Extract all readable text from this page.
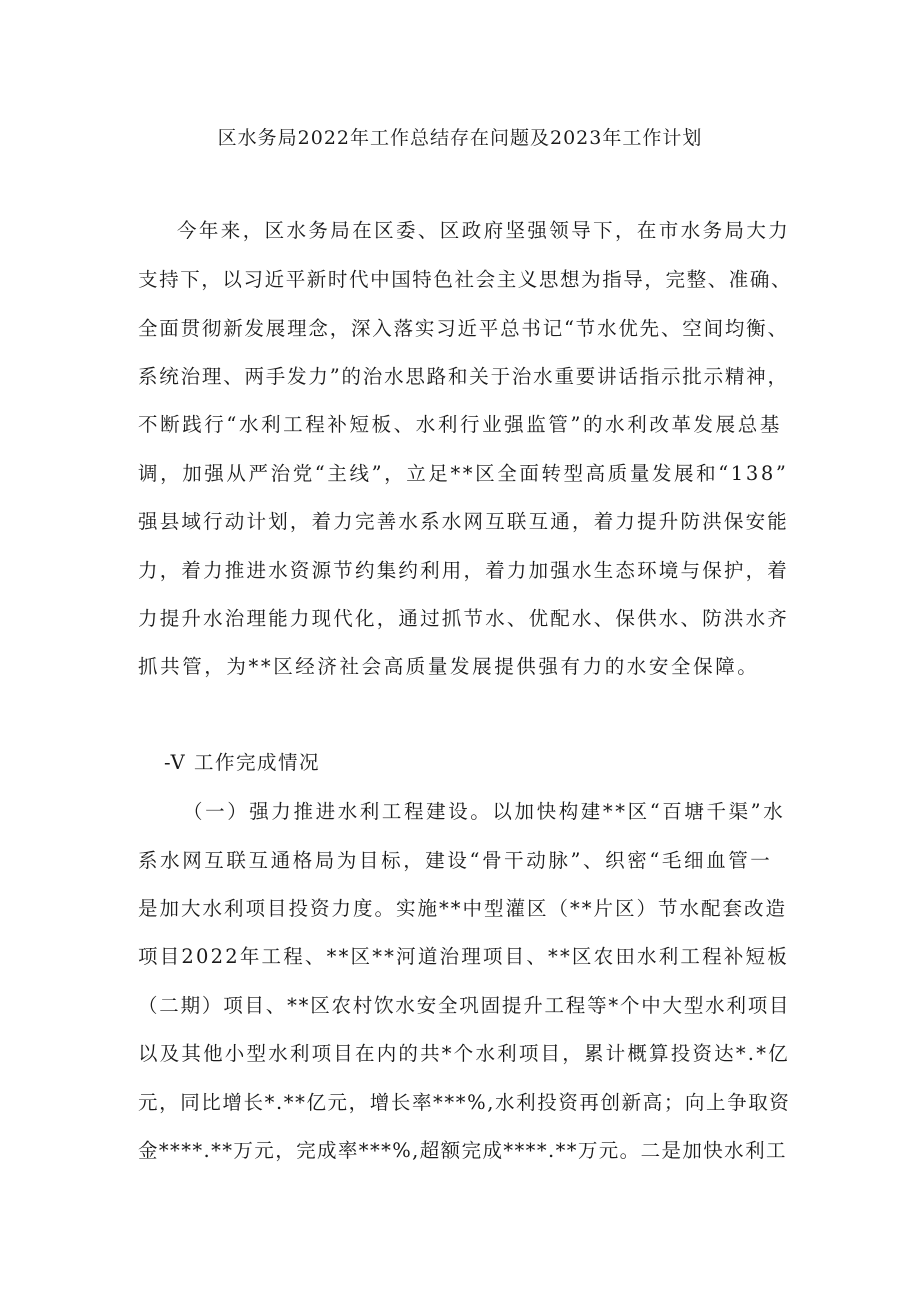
区水务局2022年工作总结存在问题及2023年工作计划
今年来，区水务局在区委、区政府坚强领导下，在市水务局大力
支持下，以习近平新时代中国特色社会主义思想为指导，完整、准确、
全面贯彻新发展理念，深入落实习近平总书记“节水优先、空间均衡、
系统治理、两手发力”的治水思路和关于治水重要讲话指示批示精神，
不断践行“水利工程补短板、水利行业强监管”的水利改革发展总基
调，加强从严治党“主线”，立足**区全面转型高质量发展和“138”
强县域行动计划，着力完善水系水网互联互通，着力提升防洪保安能
力，着力推进水资源节约集约利用，着力加强水生态环境与保护，着
力提升水治理能力现代化，通过抓节水、优配水、保供水、防洪水齐
抓共管，为**区经济社会高质量发展提供强有力的水安全保障。
-V 工作完成情况
（一）强力推进水利工程建设。以加快构建**区“百塘千渠”水
系水网互联互通格局为目标，建设“骨干动脉”、织密“毛细血管一
是加大水利项目投资力度。实施**中型灌区（**片区）节水配套改造
项目2022年工程、**区**河道治理项目、**区农田水利工程补短板
（二期）项目、**区农村饮水安全巩固提升工程等*个中大型水利项目
以及其他小型水利项目在内的共*个水利项目，累计概算投资达*.*亿
元，同比增长*.**亿元，增长率***%,水利投资再创新高；向上争取资
金****.**万元，完成率***%,超额完成****.**万元。二是加快水利工
